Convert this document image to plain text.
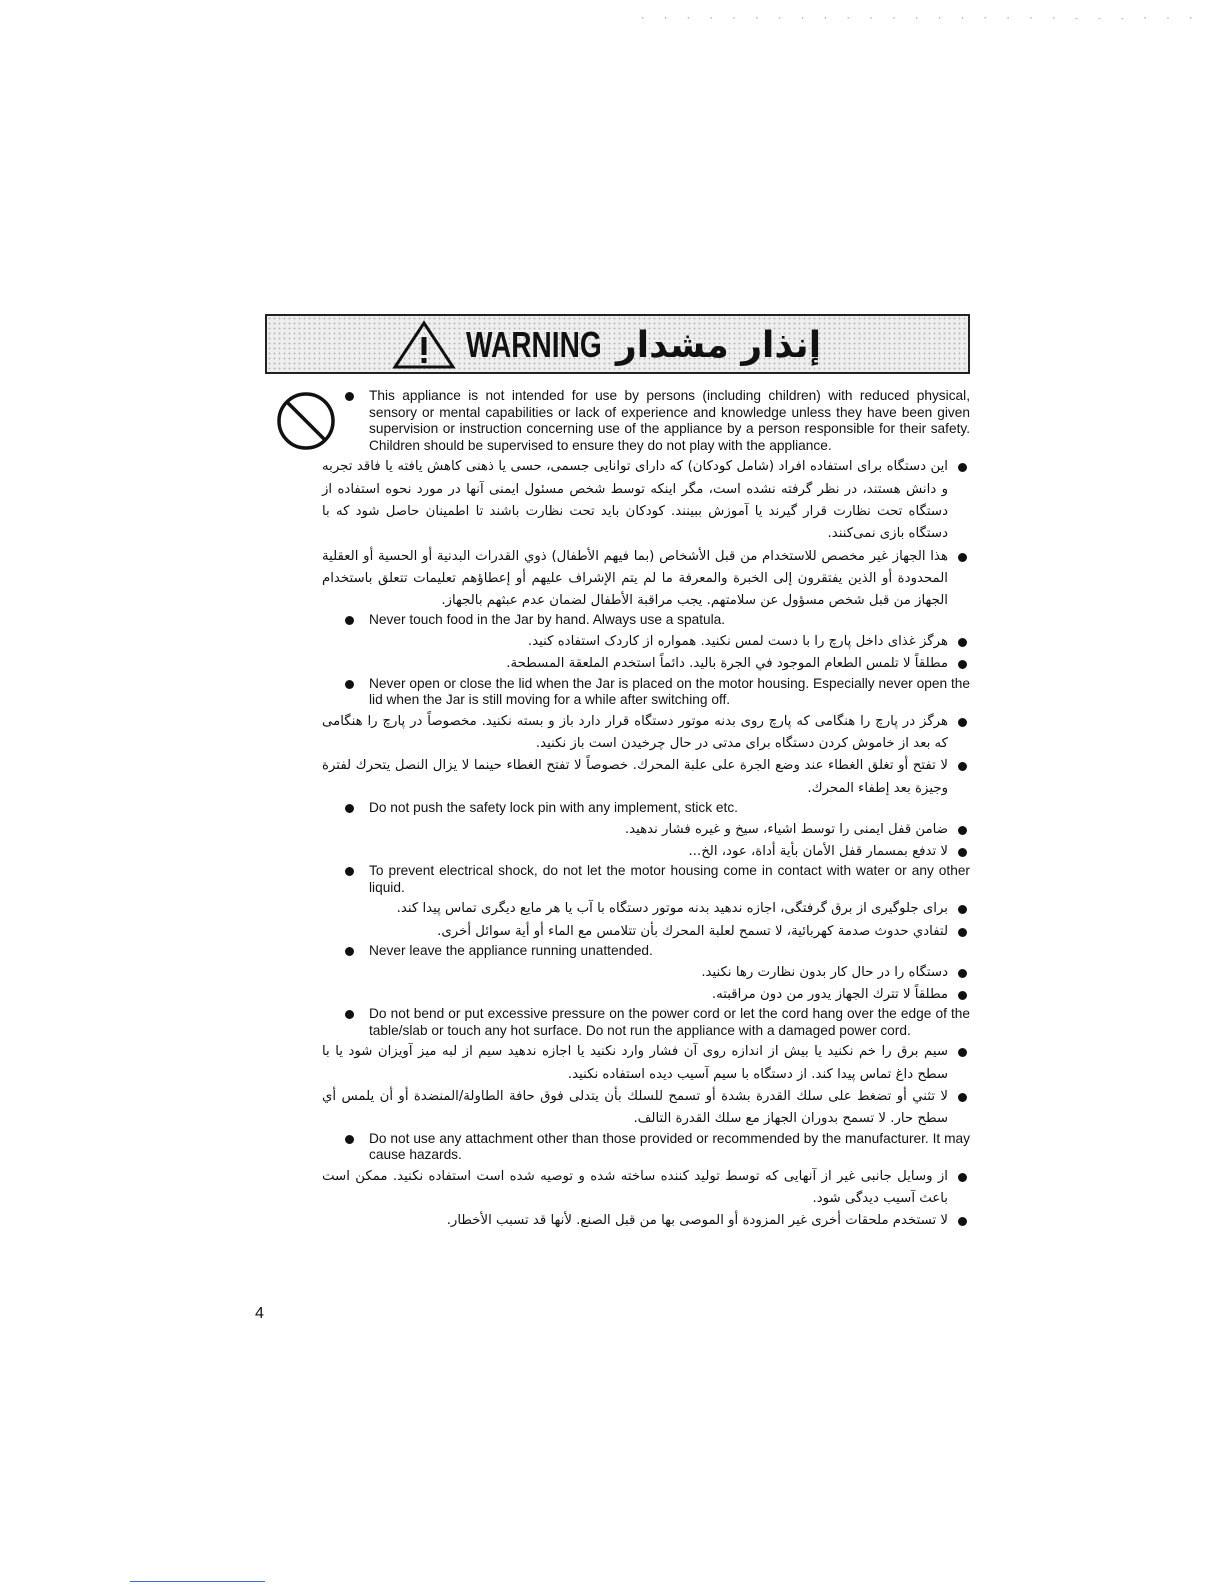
· · · · · · · · · · · · · · · · · · · - - - · · ·
WARNING إنذار مشدار
This appliance is not intended for use by persons (including children) with reduced physical, sensory or mental capabilities or lack of experience and knowledge unless they have been given supervision or instruction concerning use of the appliance by a person responsible for their safety. Children should be supervised to ensure they do not play with the appliance.
این دستگاه برای استفاده افراد (شامل کودکان) که دارای توانایی جسمی، حسی یا ذهنی کاهش یافته یا فاقد تجربه و دانش هستند، در نظر گرفته نشده است، مگر اینکه توسط شخص مسئول ایمنی آنها در مورد نحوه استفاده از دستگاه تحت نظارت قرار گیرند یا آموزش ببینند. کودکان باید تحت نظارت باشند تا اطمینان حاصل شود که با دستگاه بازی نمی‌کنند.
هذا الجهاز غير مخصص للاستخدام من قبل الأشخاص (بما فيهم الأطفال) ذوي القدرات البدنية أو الحسية أو العقلية المحدودة أو الذين يفتقرون إلى الخبرة والمعرفة ما لم يتم الإشراف عليهم أو إعطاؤهم تعليمات تتعلق باستخدام الجهاز من قبل شخص مسؤول عن سلامتهم. يجب مراقبة الأطفال لضمان عدم عبثهم بالجهاز.
Never touch food in the Jar by hand. Always use a spatula.
هرگز غذای داخل پارچ را با دست لمس نکنید. همواره از کاردک استفاده کنید.
مطلقاً لا تلمس الطعام الموجود في الجرة باليد. دائماً استخدم الملعقة المسطحة.
Never open or close the lid when the Jar is placed on the motor housing. Especially never open the lid when the Jar is still moving for a while after switching off.
هرگز در پارچ را هنگامی که پارچ روی بدنه موتور دستگاه قرار دارد باز و بسته نکنید. مخصوصاً در پارچ را هنگامی که بعد از خاموش کردن دستگاه برای مدتی در حال چرخیدن است باز نکنید.
لا تفتح أو تغلق الغطاء عند وضع الجرة على علبة المحرك. خصوصاً لا تفتح الغطاء حينما لا يزال النصل يتحرك لفترة وجيزة بعد إطفاء المحرك.
Do not push the safety lock pin with any implement, stick etc.
ضامن قفل ایمنی را توسط اشیاء، سیخ و غیره فشار ندهید.
لا تدفع بمسمار قفل الأمان بأية أداة، عود، الخ...
To prevent electrical shock, do not let the motor housing come in contact with water or any other liquid.
برای جلوگیری از برق گرفتگی، اجازه ندهید بدنه موتور دستگاه با آب یا هر مایع دیگری تماس پیدا کند.
لتفادي حدوث صدمة كهربائية، لا تسمح لعلبة المحرك بأن تتلامس مع الماء أو أية سوائل أخرى.
Never leave the appliance running unattended.
دستگاه را در حال کار بدون نظارت رها نکنید.
مطلقاً لا تترك الجهاز يدور من دون مراقبته.
Do not bend or put excessive pressure on the power cord or let the cord hang over the edge of the table/slab or touch any hot surface. Do not run the appliance with a damaged power cord.
سیم برق را خم نکنید یا بیش از اندازه روی آن فشار وارد نکنید یا اجازه ندهید سیم از لبه میز آویزان شود یا با سطح داغ تماس پیدا کند. از دستگاه با سیم آسیب دیده استفاده نکنید.
لا تثني أو تضغط على سلك القدرة بشدة أو تسمح للسلك بأن يتدلى فوق حافة الطاولة/المنضدة أو أن يلمس أي سطح حار. لا تسمح بدوران الجهاز مع سلك القدرة التالف.
Do not use any attachment other than those provided or recommended by the manufacturer. It may cause hazards.
از وسایل جانبی غیر از آنهایی که توسط تولید کننده ساخته شده و توصیه شده است استفاده نکنید. ممکن است باعث آسیب دیدگی شود.
لا تستخدم ملحقات أخرى غير المزودة أو الموصى بها من قبل الصنع. لأنها قد تسبب الأخطار.
4
